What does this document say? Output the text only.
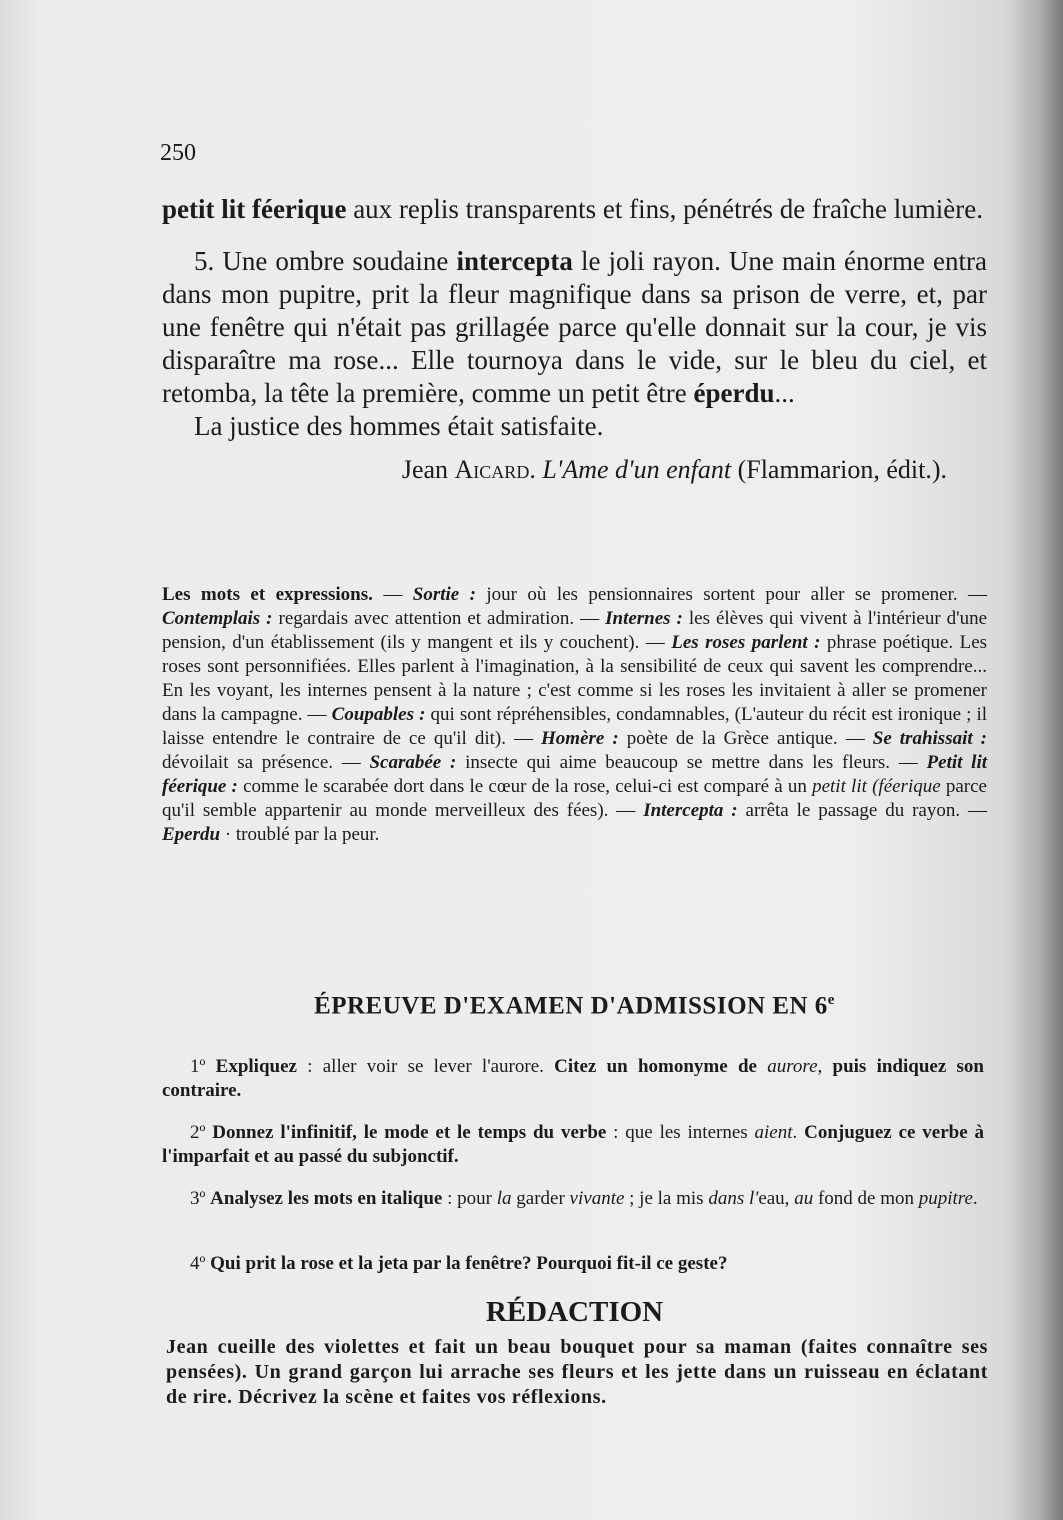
250

petit lit féerique aux replis transparents et fins, pénétrés de fraîche lumière.

5. Une ombre soudaine intercepta le joli rayon. Une main énorme entra dans mon pupitre, prit la fleur magnifique dans sa prison de verre, et, par une fenêtre qui n'était pas grillagée parce qu'elle donnait sur la cour, je vis disparaître ma rose... Elle tournoya dans le vide, sur le bleu du ciel, et retomba, la tête la première, comme un petit être éperdu...

La justice des hommes était satisfaite.

Jean Aicard. L'Ame d'un enfant (Flammarion, édit.).

Les mots et expressions. — Sortie : jour où les pensionnaires sortent pour aller se promener. — Contemplais : regardais avec attention et admiration. — Internes : les élèves qui vivent à l'intérieur d'une pension, d'un établissement (ils y mangent et ils y couchent). — Les roses parlent : phrase poétique. Les roses sont personnifiées. Elles parlent à l'imagination, à la sensibilité de ceux qui savent les comprendre... En les voyant, les internes pensent à la nature ; c'est comme si les roses les invitaient à aller se promener dans la campagne. — Coupables : qui sont répréhensibles, condamnables, (L'auteur du récit est ironique ; il laisse entendre le contraire de ce qu'il dit). — Homère : poète de la Grèce antique. — Se trahissait : dévoilait sa présence. — Scarabée : insecte qui aime beaucoup se mettre dans les fleurs. — Petit lit féerique : comme le scarabée dort dans le cœur de la rose, celui-ci est comparé à un petit lit (féerique parce qu'il semble appartenir au monde merveilleux des fées). — Intercepta : arrêta le passage du rayon. — Eperdu · troublé par la peur.
ÉPREUVE D'EXAMEN D'ADMISSION EN 6e
1º Expliquez : aller voir se lever l'aurore. Citez un homonyme de aurore, puis indiquez son contraire.
2º Donnez l'infinitif, le mode et le temps du verbe : que les internes aient. Conjuguez ce verbe à l'imparfait et au passé du subjonctif.
3º Analysez les mots en italique : pour la garder vivante ; je la mis dans l'eau, au fond de mon pupitre.
4º Qui prit la rose et la jeta par la fenêtre? Pourquoi fit-il ce geste?
RÉDACTION
Jean cueille des violettes et fait un beau bouquet pour sa maman (faites connaître ses pensées). Un grand garçon lui arrache ses fleurs et les jette dans un ruisseau en éclatant de rire. Décrivez la scène et faites vos réflexions.
